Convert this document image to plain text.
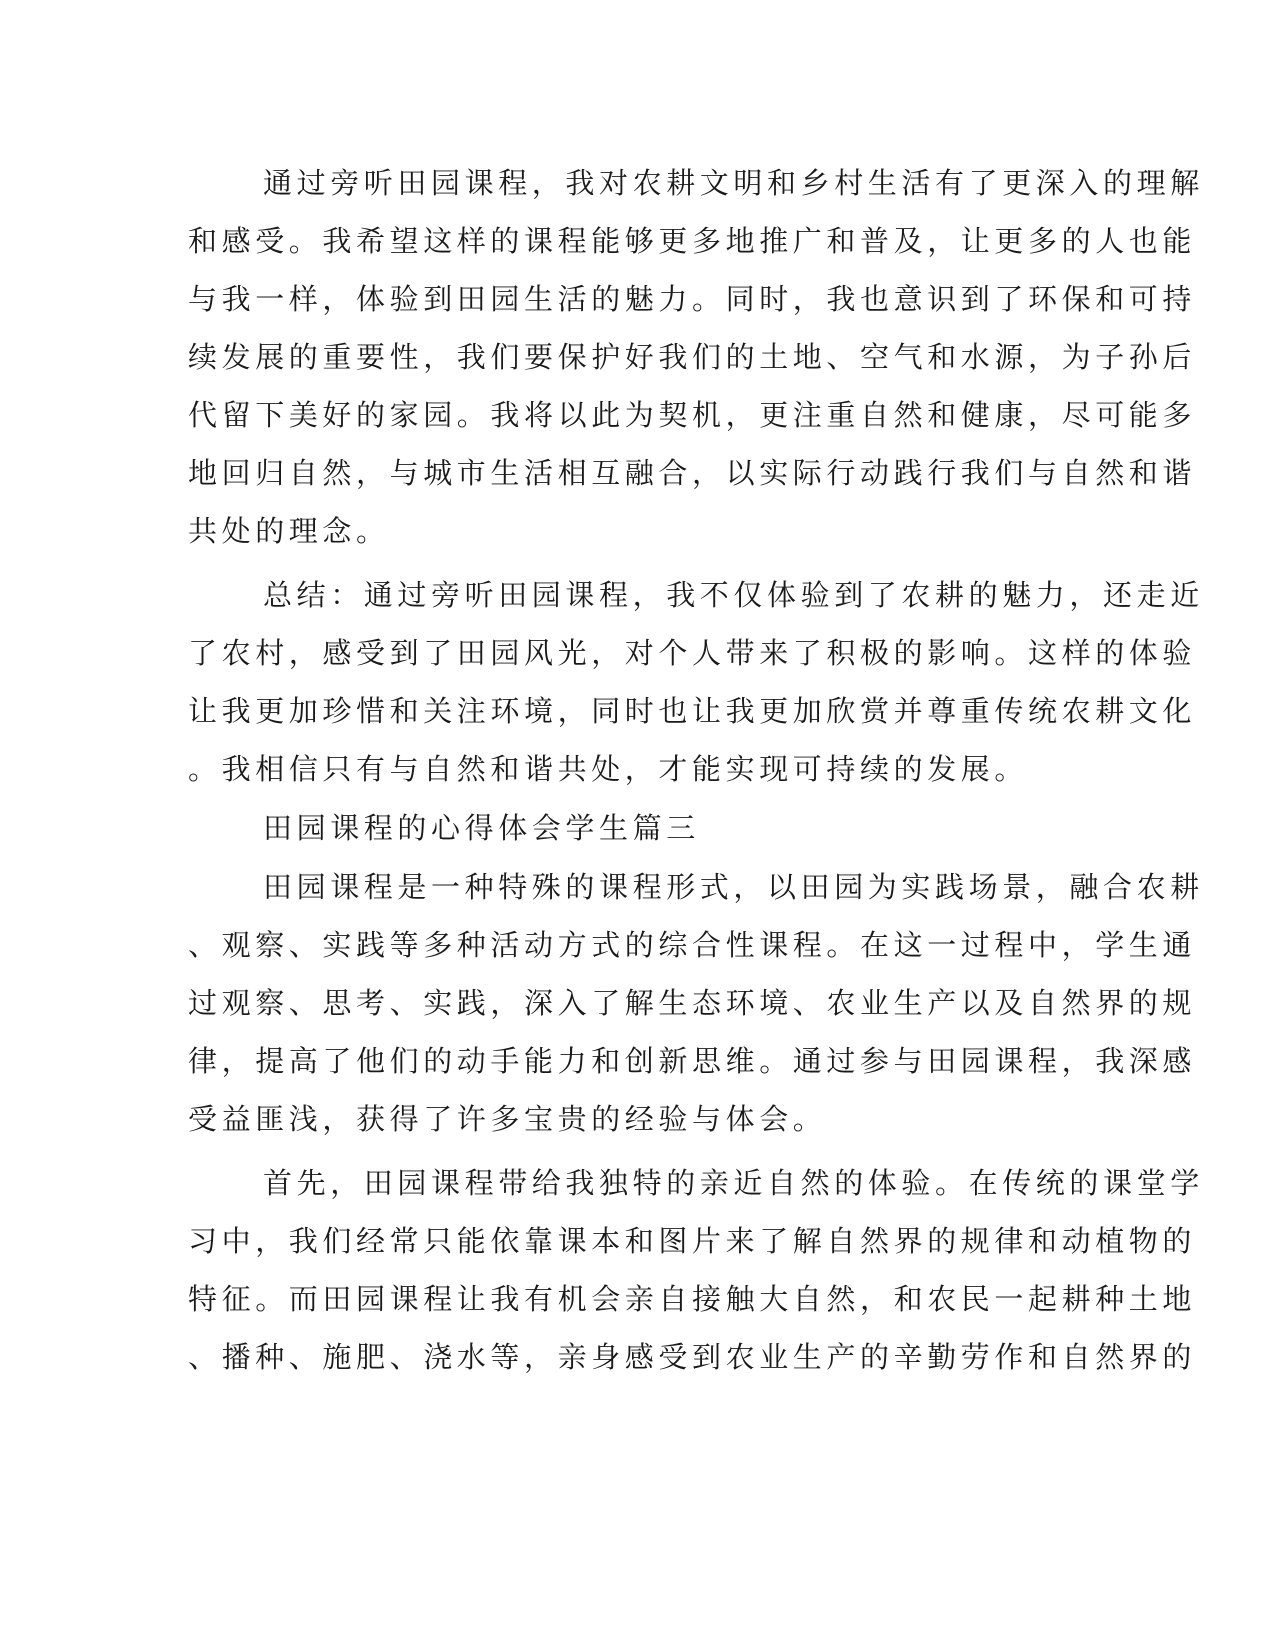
通过旁听田园课程，我对农耕文明和乡村生活有了更深入的理解
和感受。我希望这样的课程能够更多地推广和普及，让更多的人也能
与我一样，体验到田园生活的魅力。同时，我也意识到了环保和可持
续发展的重要性，我们要保护好我们的土地、空气和水源，为子孙后
代留下美好的家园。我将以此为契机，更注重自然和健康，尽可能多
地回归自然，与城市生活相互融合，以实际行动践行我们与自然和谐
共处的理念。
总结：通过旁听田园课程，我不仅体验到了农耕的魅力，还走近
了农村，感受到了田园风光，对个人带来了积极的影响。这样的体验
让我更加珍惜和关注环境，同时也让我更加欣赏并尊重传统农耕文化
。我相信只有与自然和谐共处，才能实现可持续的发展。
田园课程的心得体会学生篇三
田园课程是一种特殊的课程形式，以田园为实践场景，融合农耕
、观察、实践等多种活动方式的综合性课程。在这一过程中，学生通
过观察、思考、实践，深入了解生态环境、农业生产以及自然界的规
律，提高了他们的动手能力和创新思维。通过参与田园课程，我深感
受益匪浅，获得了许多宝贵的经验与体会。
首先，田园课程带给我独特的亲近自然的体验。在传统的课堂学
习中，我们经常只能依靠课本和图片来了解自然界的规律和动植物的
特征。而田园课程让我有机会亲自接触大自然，和农民一起耕种土地
、播种、施肥、浇水等，亲身感受到农业生产的辛勤劳作和自然界的
